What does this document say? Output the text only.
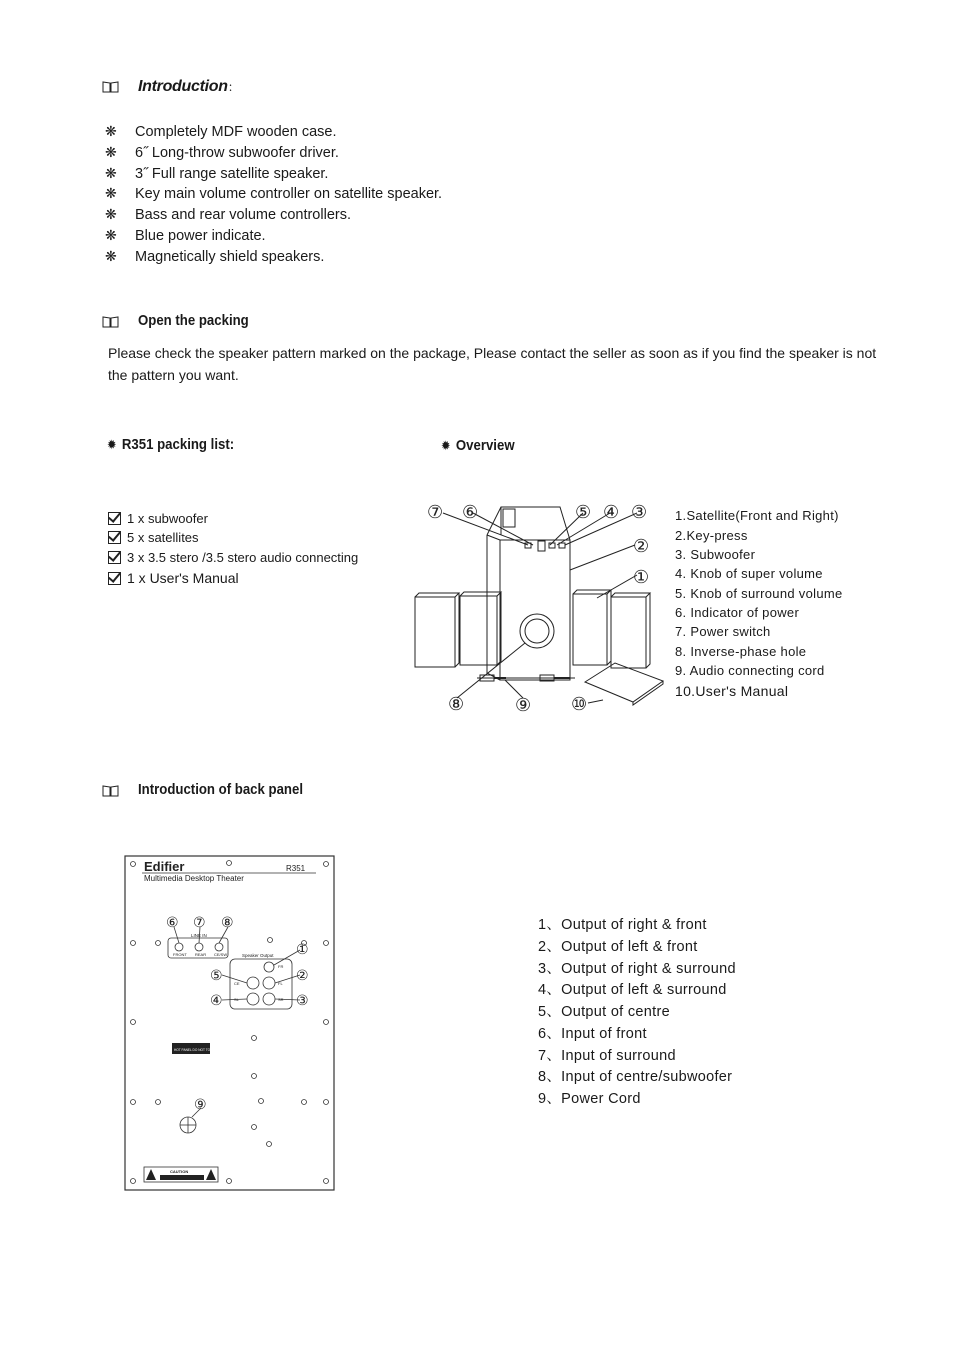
Introduction：
❋ Completely MDF wooden case.
❋ 6˝ Long-throw subwoofer driver.
❋ 3˝ Full range satellite speaker.
❋ Key main volume controller on satellite speaker.
❋ Bass and rear volume controllers.
❋ Blue power indicate.
❋ Magnetically shield speakers.
Open the packing
Please check the speaker pattern marked on the package, Please contact the seller as soon as if you find the speaker is not the pattern you want.
✹ R351 packing list:
1 x subwoofer
5 x satellites
3 x 3.5 stero /3.5 stero audio connecting
1 x User's Manual
✹ Overview
⑦ ⑥	⑤ ④ ③
②
①
⑧	⑨ ⑩
1.Satellite(Front and Right)
2.Key-press
3. Subwoofer
4. Knob of super volume
5. Knob of surround volume
6. Indicator of power
7. Power switch
8. Inverse-phase hole
9. Audio connecting cord
10.User's Manual
Introduction of back panel
Edifier	R351
Multimedia Desktop Theater
LINE IN
FRONT REAR CE/SW	Speaker Output
FR
FL
CE
SL	SR
HOT PANEL DO NOT TOUCH
CAUTION
⑥ ⑦ ⑧
①
②
③
④
⑤
⑨
1、Output of right & front
2、Output of left & front
3、Output of right & surround
4、Output of left & surround
5、Output of centre
6、Input of front
7、Input of surround
8、Input of centre/subwoofer
9、Power Cord
